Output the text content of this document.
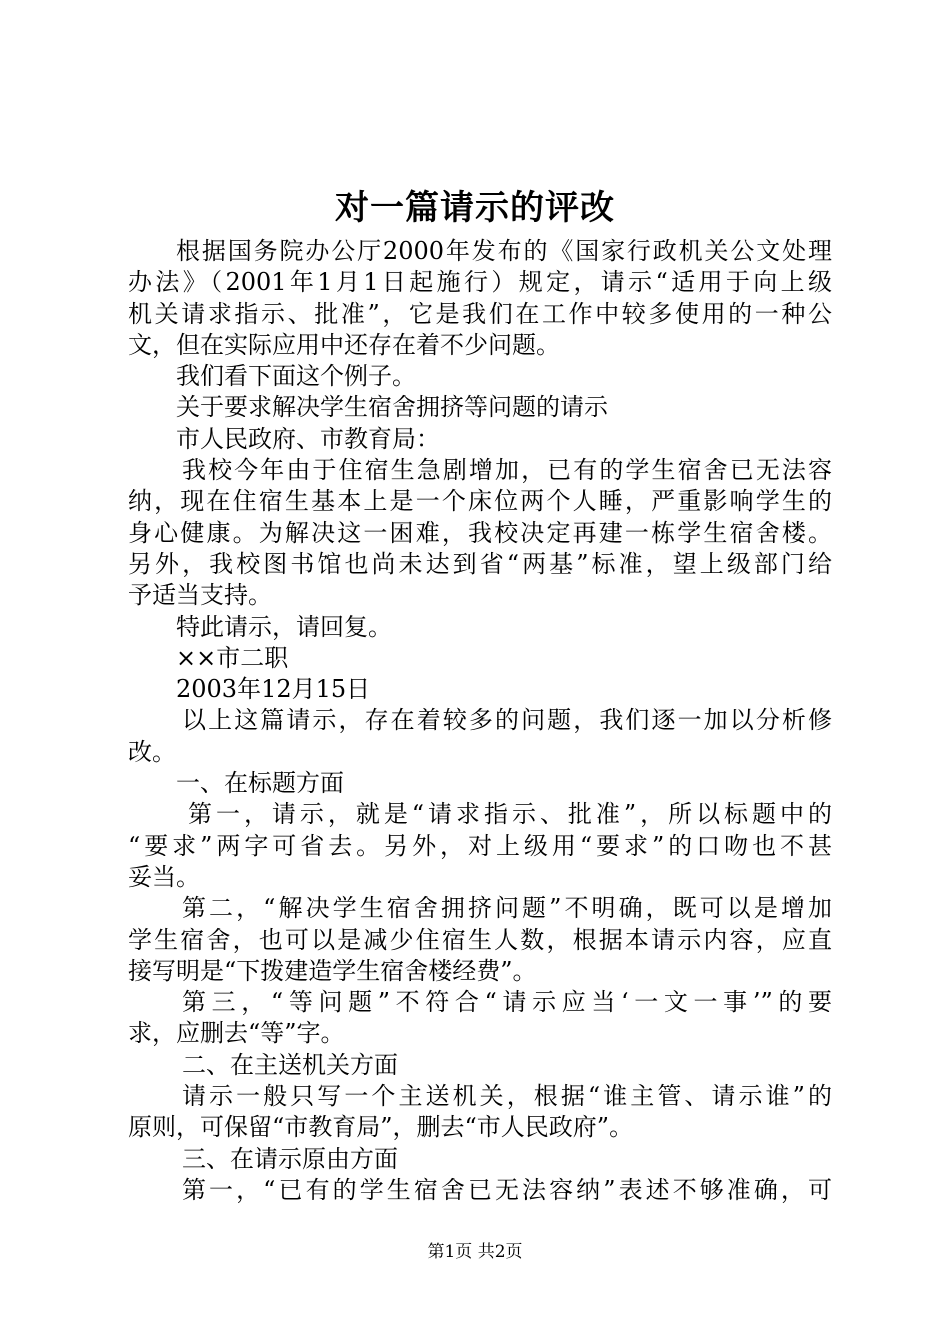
对一篇请示的评改
根据国务院办公厅2000年发布的《国家行政机关公文处理
办法》（2001年1月1日起施行）规定，请示“适用于向上级
机关请求指示、批准”，它是我们在工作中较多使用的一种公
文，但在实际应用中还存在着不少问题。
我们看下面这个例子。
关于要求解决学生宿舍拥挤等问题的请示
市人民政府、市教育局：
我校今年由于住宿生急剧增加，已有的学生宿舍已无法容
纳，现在住宿生基本上是一个床位两个人睡，严重影响学生的
身心健康。为解决这一困难，我校决定再建一栋学生宿舍楼。
另外，我校图书馆也尚未达到省“两基”标准，望上级部门给
予适当支持。
特此请示，请回复。
××市二职
2003年12月15日
以上这篇请示，存在着较多的问题，我们逐一加以分析修
改。
一、在标题方面
第一，请示，就是“请求指示、批准”，所以标题中的
“要求”两字可省去。另外，对上级用“要求”的口吻也不甚
妥当。
第二，“解决学生宿舍拥挤问题”不明确，既可以是增加
学生宿舍，也可以是减少住宿生人数，根据本请示内容，应直
接写明是“下拨建造学生宿舍楼经费”。
第三，“等问题”不符合“请示应当‘一文一事’”的要
求，应删去“等”字。
二、在主送机关方面
请示一般只写一个主送机关，根据“谁主管、请示谁”的
原则，可保留“市教育局”，删去“市人民政府”。
三、在请示原由方面
第一，“已有的学生宿舍已无法容纳”表述不够准确，可
第1页 共2页
